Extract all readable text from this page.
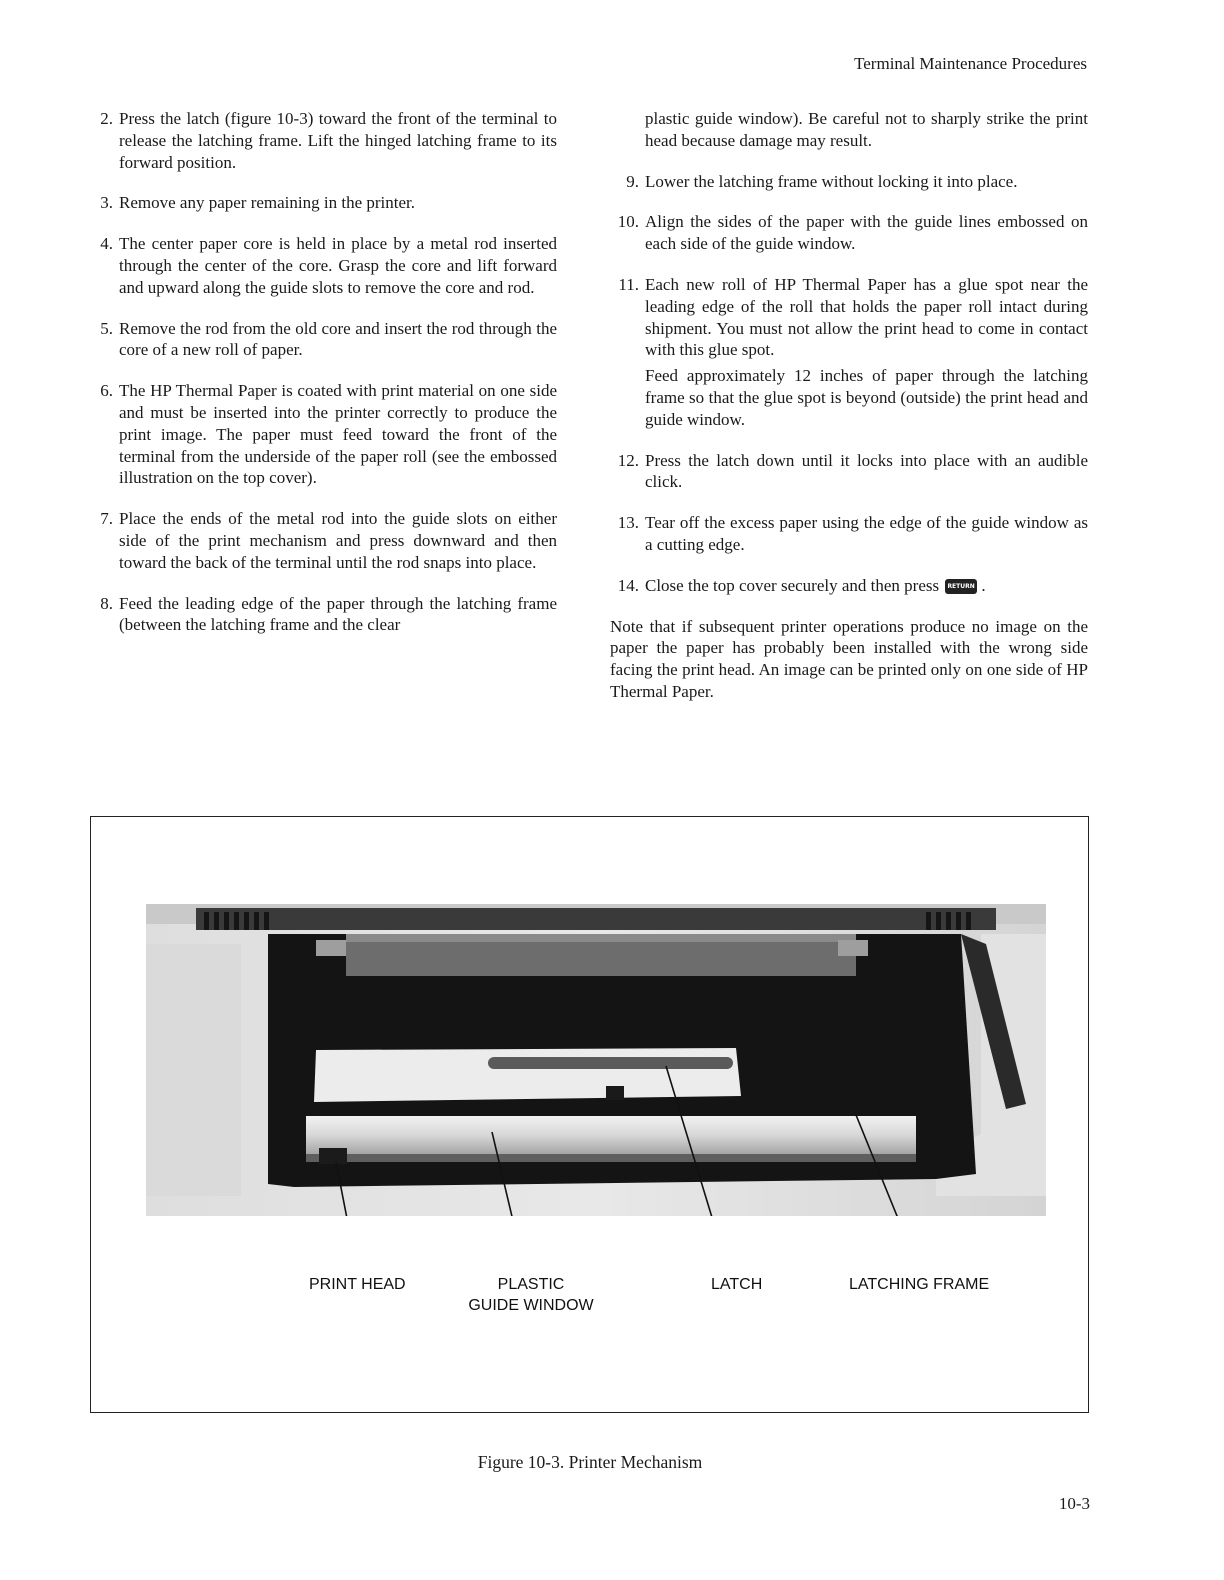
Terminal Maintenance Procedures
2. Press the latch (figure 10-3) toward the front of the terminal to release the latching frame. Lift the hinged latching frame to its forward position.
3. Remove any paper remaining in the printer.
4. The center paper core is held in place by a metal rod inserted through the center of the core. Grasp the core and lift forward and upward along the guide slots to remove the core and rod.
5. Remove the rod from the old core and insert the rod through the core of a new roll of paper.
6. The HP Thermal Paper is coated with print material on one side and must be inserted into the printer correctly to produce the print image. The paper must feed toward the front of the terminal from the underside of the paper roll (see the embossed illustration on the top cover).
7. Place the ends of the metal rod into the guide slots on either side of the print mechanism and press downward and then toward the back of the terminal until the rod snaps into place.
8. Feed the leading edge of the paper through the latching frame (between the latching frame and the clear
plastic guide window). Be careful not to sharply strike the print head because damage may result.
9. Lower the latching frame without locking it into place.
10. Align the sides of the paper with the guide lines embossed on each side of the guide window.
11. Each new roll of HP Thermal Paper has a glue spot near the leading edge of the roll that holds the paper roll intact during shipment. You must not allow the print head to come in contact with this glue spot.
Feed approximately 12 inches of paper through the latching frame so that the glue spot is beyond (outside) the print head and guide window.
12. Press the latch down until it locks into place with an audible click.
13. Tear off the excess paper using the edge of the guide window as a cutting edge.
14. Close the top cover securely and then press RETURN .
Note that if subsequent printer operations produce no image on the paper the paper has probably been installed with the wrong side facing the print head. An image can be printed only on one side of HP Thermal Paper.
PRINT HEAD	PLASTIC
GUIDE WINDOW
LATCH	LATCHING FRAME
Figure 10-3. Printer Mechanism
10-3
